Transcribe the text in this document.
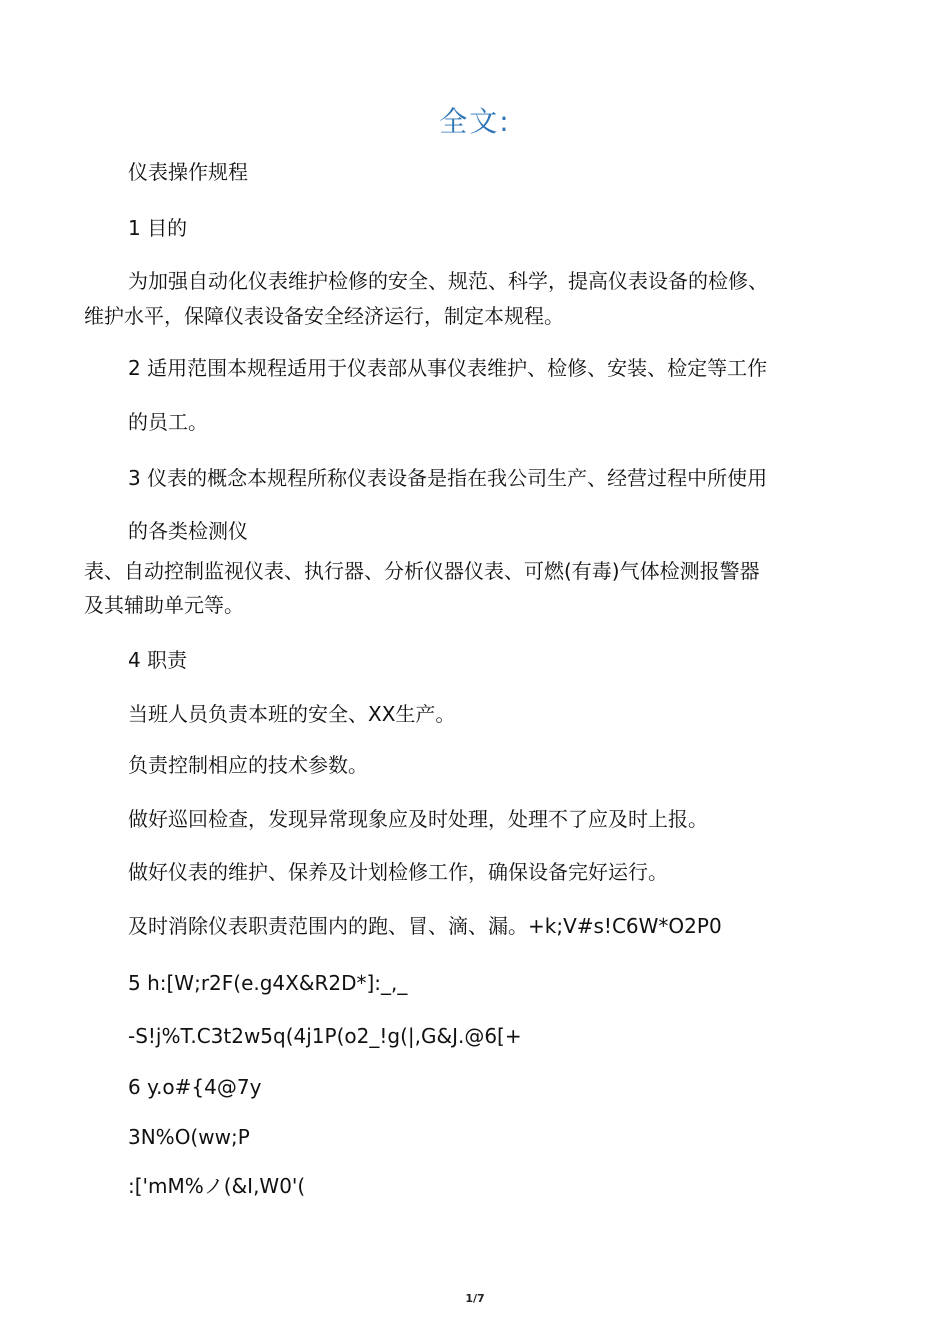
全文:
仪表操作规程
1 目的
为加强自动化仪表维护检修的安全、规范、科学，提高仪表设备的检修、
维护水平，保障仪表设备安全经济运行，制定本规程。
2 适用范围本规程适用于仪表部从事仪表维护、检修、安装、检定等工作
的员工。
3 仪表的概念本规程所称仪表设备是指在我公司生产、经营过程中所使用
的各类检测仪
表、自动控制监视仪表、执行器、分析仪器仪表、可燃(有毒)气体检测报警器
及其辅助单元等。
4 职责
当班人员负责本班的安全、XX生产。
负责控制相应的技术参数。
做好巡回检查，发现异常现象应及时处理，处理不了应及时上报。
做好仪表的维护、保养及计划检修工作，确保设备完好运行。
及时消除仪表职责范围内的跑、冒、滴、漏。+k;V#s!C6W*O2P0
5 h:[W;r2F(e.g4X&R2D*]:_,_
-S!j%T.C3t2w5q(4j1P(o2_!g(|,G&J.@6[+
6 y.o#{4@7y
3N%O(ww;P
:['mM%ノ(&I,W0'(
1/7
